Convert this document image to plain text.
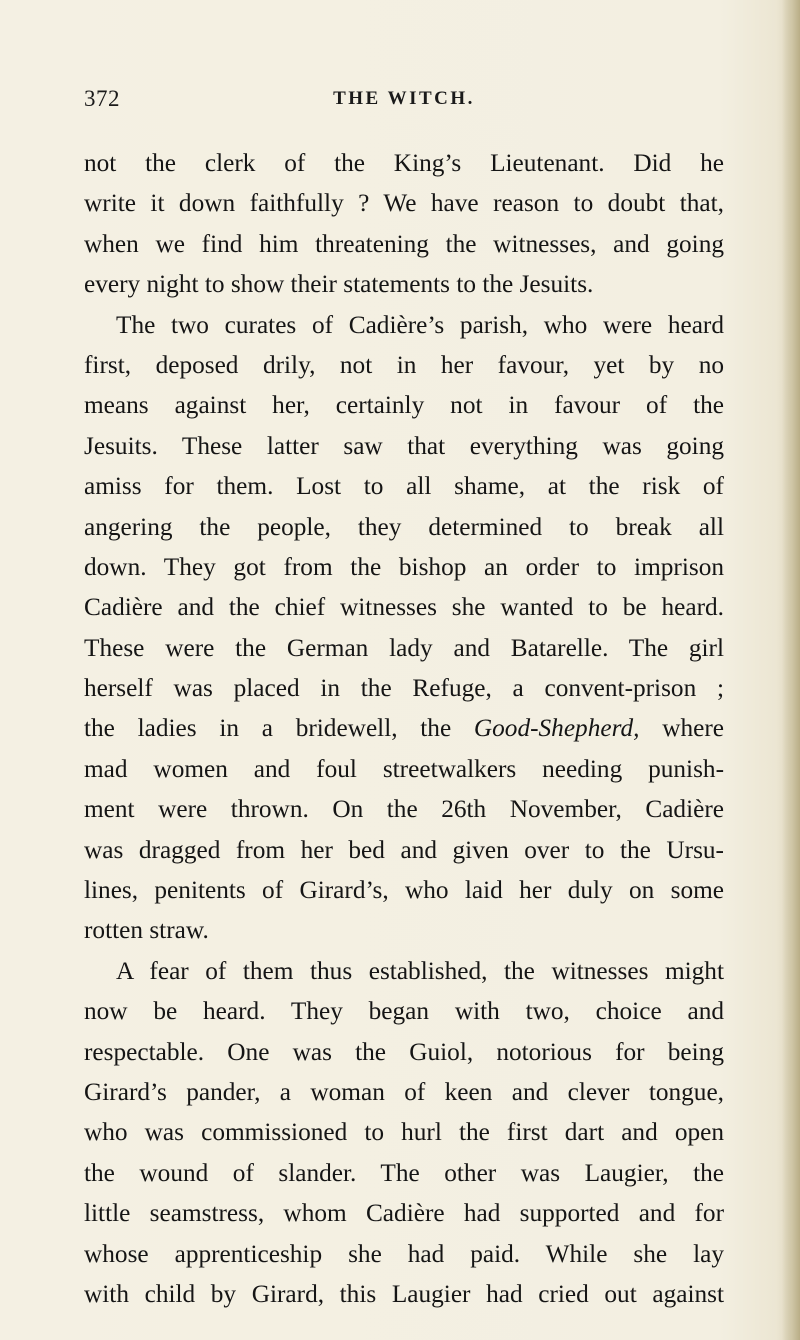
372	THE WITCH.
not the clerk of the King’s Lieutenant. Did he
write it down faithfully ? We have reason to doubt that,
when we find him threatening the witnesses, and going
every night to show their statements to the Jesuits.
The two curates of Cadière’s parish, who were heard
first, deposed drily, not in her favour, yet by no
means against her, certainly not in favour of the
Jesuits. These latter saw that everything was going
amiss for them. Lost to all shame, at the risk of
angering the people, they determined to break all
down. They got from the bishop an order to imprison
Cadière and the chief witnesses she wanted to be heard.
These were the German lady and Batarelle. The girl
herself was placed in the Refuge, a convent-prison ;
the ladies in a bridewell, the Good-Shepherd, where
mad women and foul streetwalkers needing punish-
ment were thrown. On the 26th November, Cadière
was dragged from her bed and given over to the Ursu-
lines, penitents of Girard’s, who laid her duly on some
rotten straw.
A fear of them thus established, the witnesses might
now be heard. They began with two, choice and
respectable. One was the Guiol, notorious for being
Girard’s pander, a woman of keen and clever tongue,
who was commissioned to hurl the first dart and open
the wound of slander. The other was Laugier, the
little seamstress, whom Cadière had supported and for
whose apprenticeship she had paid. While she lay
with child by Girard, this Laugier had cried out against
